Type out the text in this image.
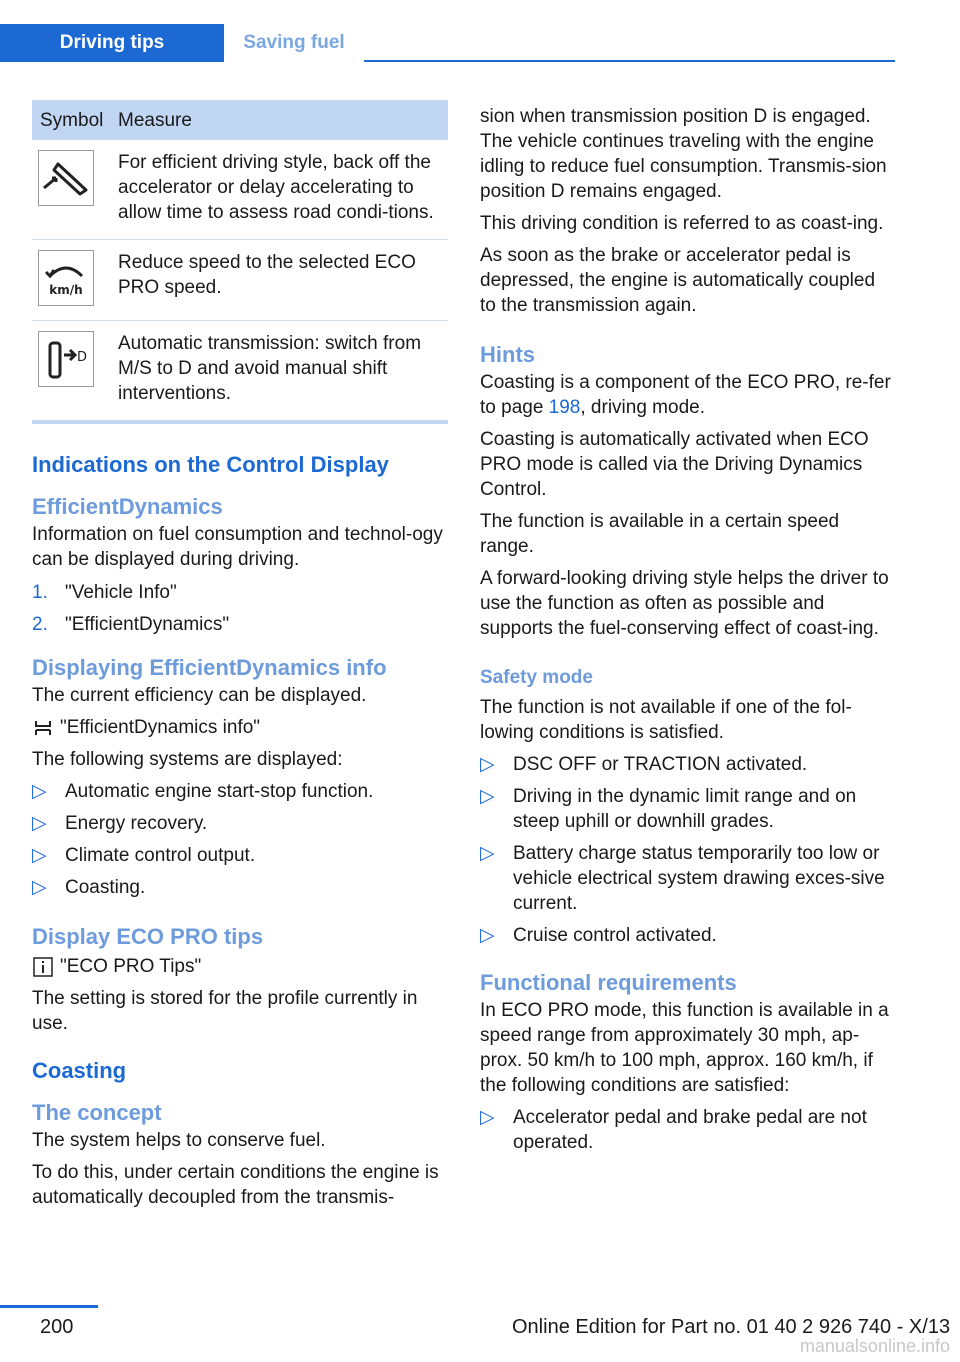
Driving tips	Saving fuel
Symbol Measure
For efficient driving style, back off the accelerator or delay accelerating to allow time to assess road condi-tions.
km/h
Reduce speed to the selected ECO PRO speed.
D
Automatic transmission: switch from M/S to D and avoid manual shift interventions.
Indications on the Control Display
EfficientDynamics
Information on fuel consumption and technol-ogy can be displayed during driving.
1. "Vehicle Info"
2. "EfficientDynamics"
Displaying EfficientDynamics info
The current efficiency can be displayed.
"EfficientDynamics info"
The following systems are displayed:
▷ Automatic engine start-stop function.
▷ Energy recovery.
▷ Climate control output.
▷ Coasting.
Display ECO PRO tips
"ECO PRO Tips"
The setting is stored for the profile currently in use.
Coasting
The concept
The system helps to conserve fuel.
To do this, under certain conditions the engine is automatically decoupled from the transmis-
sion when transmission position D is engaged. The vehicle continues traveling with the engine idling to reduce fuel consumption. Transmis-sion position D remains engaged.
This driving condition is referred to as coast-ing.
As soon as the brake or accelerator pedal is depressed, the engine is automatically coupled to the transmission again.
Hints
Coasting is a component of the ECO PRO, re-fer to page 198, driving mode.
Coasting is automatically activated when ECO PRO mode is called via the Driving Dynamics Control.
The function is available in a certain speed range.
A forward-looking driving style helps the driver to use the function as often as possible and supports the fuel-conserving effect of coast-ing.
Safety mode
The function is not available if one of the fol-lowing conditions is satisfied.
▷ DSC OFF or TRACTION activated.
▷ Driving in the dynamic limit range and on steep uphill or downhill grades.
▷ Battery charge status temporarily too low or vehicle electrical system drawing exces-sive current.
▷ Cruise control activated.
Functional requirements
In ECO PRO mode, this function is available in a speed range from approximately 30 mph, ap-prox. 50 km/h to 100 mph, approx. 160 km/h, if the following conditions are satisfied:
▷ Accelerator pedal and brake pedal are not operated.
200	Online Edition for Part no. 01 40 2 926 740 - X/13
manualsonline.info
